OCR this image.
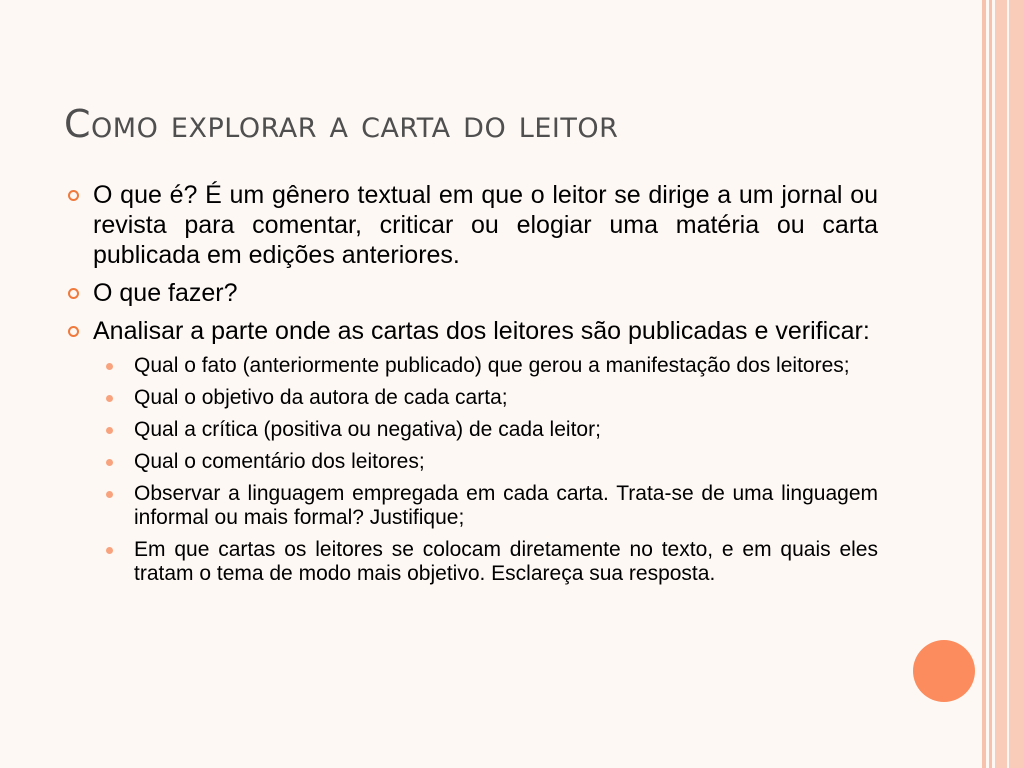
Como explorar a carta do leitor
O que é? É um gênero textual em que o leitor se dirige a um jornal ou revista para comentar, criticar ou elogiar uma matéria ou carta publicada em edições anteriores.
O que fazer?
Analisar a parte onde as cartas dos leitores são publicadas e verificar:
Qual o fato (anteriormente publicado) que gerou a manifestação dos leitores;
Qual o objetivo da autora de cada carta;
Qual a crítica (positiva ou negativa) de cada leitor;
Qual o comentário dos leitores;
Observar a linguagem empregada em cada carta. Trata-se de uma linguagem informal ou mais formal? Justifique;
Em que cartas os leitores se colocam diretamente no texto, e em quais eles tratam o tema de modo mais objetivo. Esclareça sua resposta.
